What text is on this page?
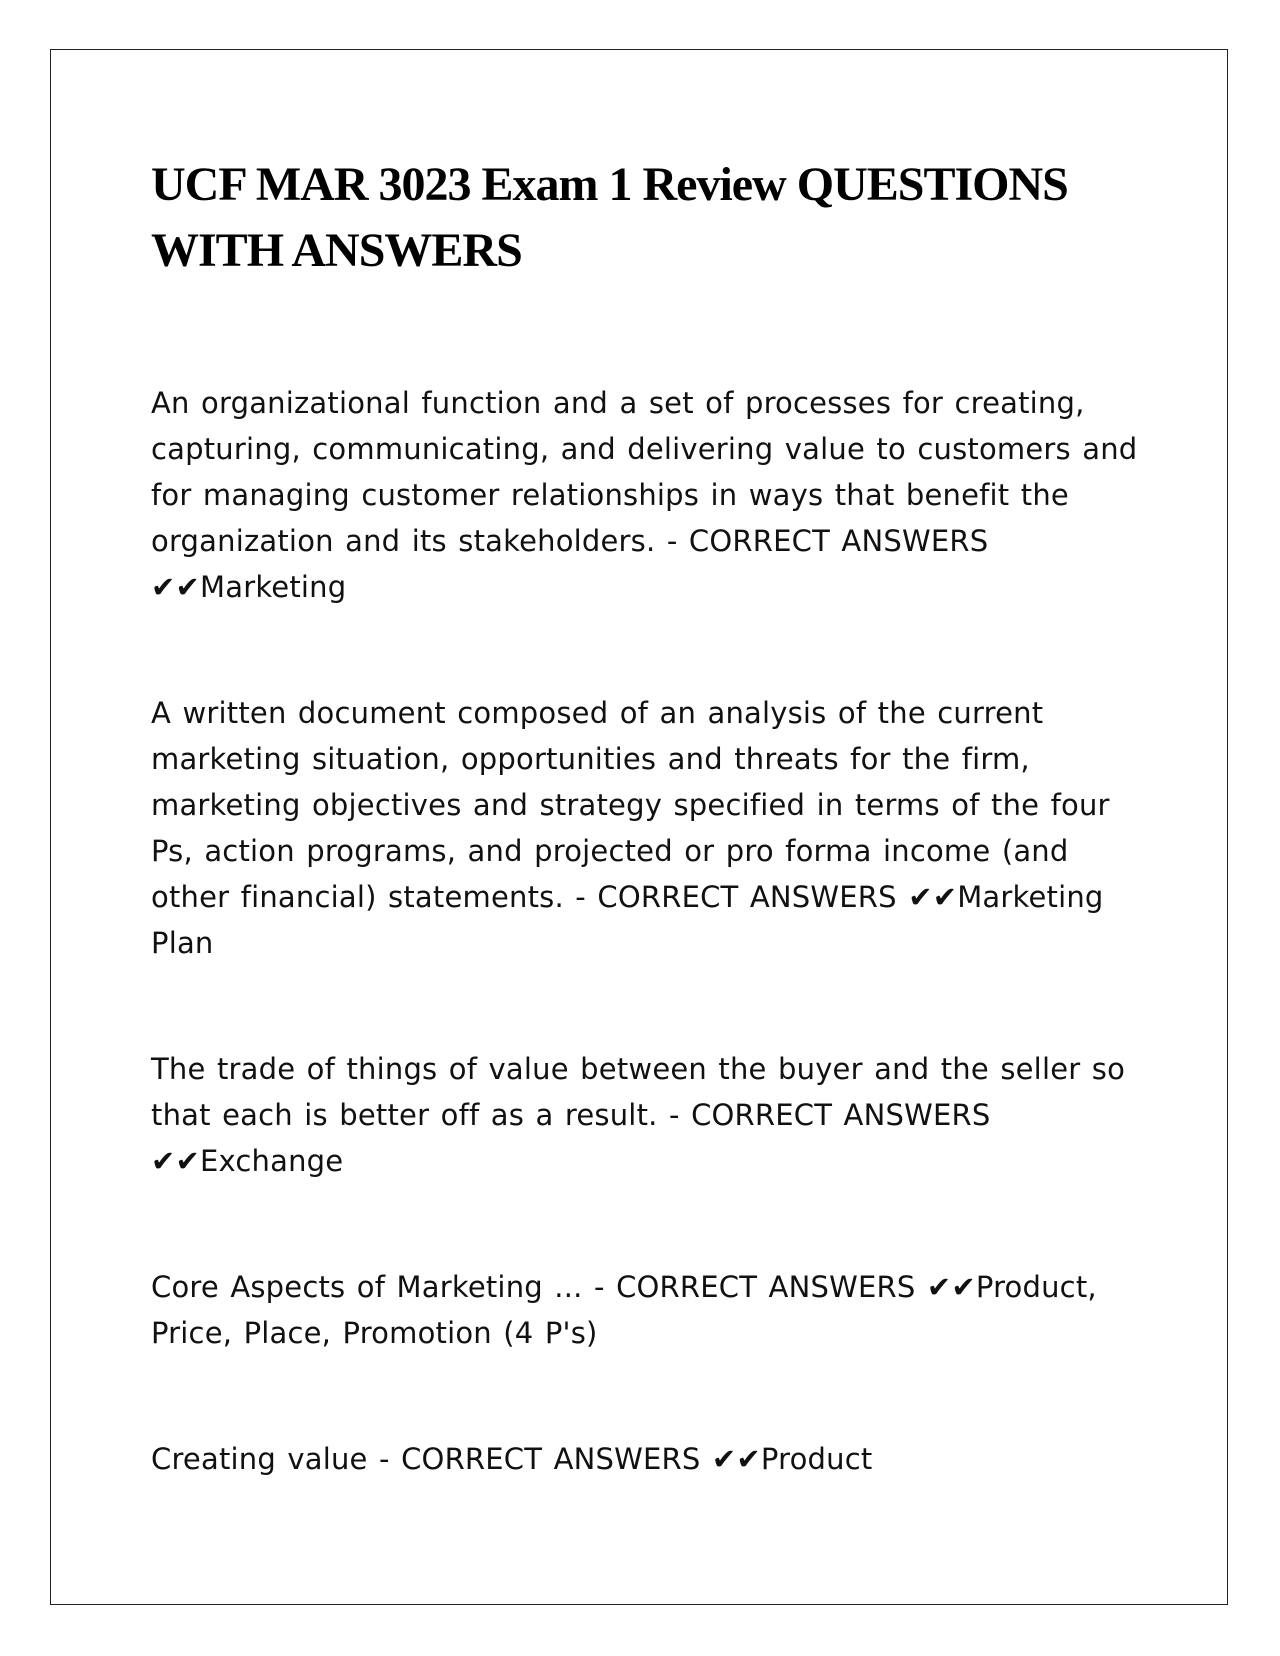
UCF MAR 3023 Exam 1 Review QUESTIONS WITH ANSWERS

An organizational function and a set of processes for creating, capturing, communicating, and delivering value to customers and for managing customer relationships in ways that benefit the organization and its stakeholders. - CORRECT ANSWERS ✔✔Marketing

A written document composed of an analysis of the current marketing situation, opportunities and threats for the firm, marketing objectives and strategy specified in terms of the four Ps, action programs, and projected or pro forma income (and other financial) statements. - CORRECT ANSWERS ✔✔Marketing Plan

The trade of things of value between the buyer and the seller so that each is better off as a result. - CORRECT ANSWERS ✔✔Exchange

Core Aspects of Marketing ... - CORRECT ANSWERS ✔✔Product, Price, Place, Promotion (4 P's)

Creating value - CORRECT ANSWERS ✔✔Product
